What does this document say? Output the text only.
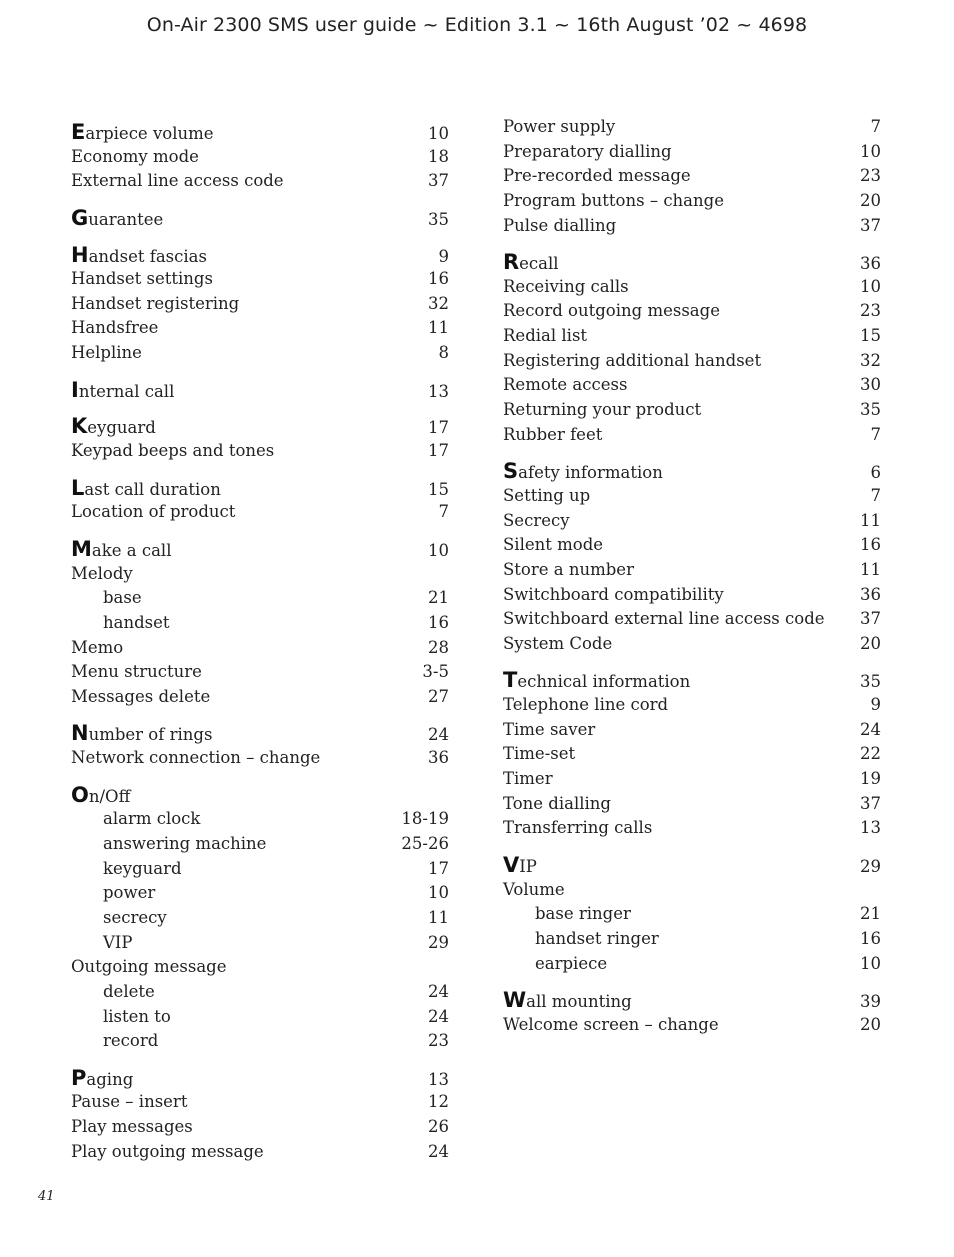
On-Air 2300 SMS user guide ~ Edition 3.1 ~ 16th August ’02 ~ 4698
Earpiece volume	10
Economy mode	18
External line access code	37
Guarantee	35
Handset fascias	9
Handset settings	16
Handset registering	32
Handsfree	11
Helpline	8
Internal call	13
Keyguard	17
Keypad beeps and tones	17
Last call duration	15
Location of product	7
Make a call	10
Melody
base	21
handset	16
Memo	28
Menu structure	3-5
Messages delete	27
Number of rings	24
Network connection – change	36
On/Off
alarm clock	18-19
answering machine	25-26
keyguard	17
power	10
secrecy	11
VIP	29
Outgoing message
delete	24
listen to	24
record	23
Paging	13
Pause – insert	12
Play messages	26
Play outgoing message	24
Power supply	7
Preparatory dialling	10
Pre-recorded message	23
Program buttons – change	20
Pulse dialling	37
Recall	36
Receiving calls	10
Record outgoing message	23
Redial list	15
Registering additional handset	32
Remote access	30
Returning your product	35
Rubber feet	7
Safety information	6
Setting up	7
Secrecy	11
Silent mode	16
Store a number	11
Switchboard compatibility	36
Switchboard external line access code 37
System Code	20
Technical information	35
Telephone line cord	9
Time saver	24
Time-set	22
Timer	19
Tone dialling	37
Transferring calls	13
VIP	29
Volume
base ringer	21
handset ringer	16
earpiece	10
Wall mounting	39
Welcome screen – change	20
41
